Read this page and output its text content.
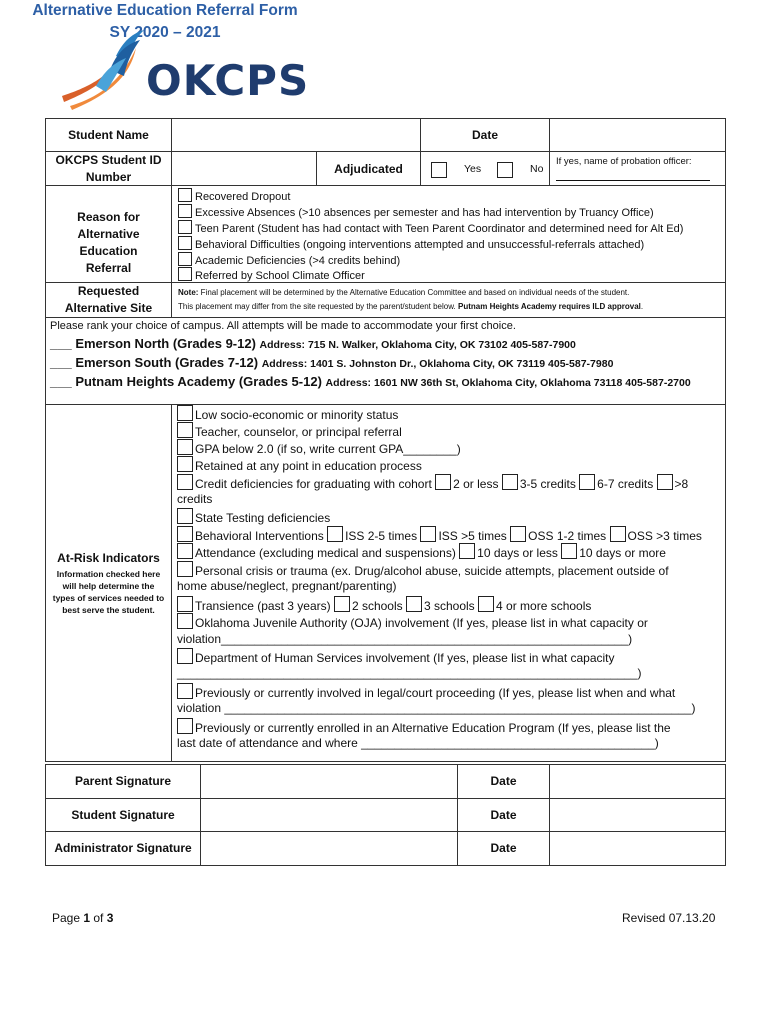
OKCPS
Alternative Education Referral Form
SY 2020 – 2021
Student Name	Date
OKCPS Student ID Number
Adjudicated	Yes	No
If yes, name of probation officer:
Reason for Alternative Education Referral
Recovered Dropout
Excessive Absences (>10 absences per semester and has had intervention by Truancy Office)
Teen Parent (Student has had contact with Teen Parent Coordinator and determined need for Alt Ed)
Behavioral Difficulties (ongoing interventions attempted and unsuccessful-referrals attached)
Academic Deficiencies (>4 credits behind)
Referred by School Climate Officer
Requested Alternative Site
Note: Final placement will be determined by the Alternative Education Committee and based on individual needs of the student.
This placement may differ from the site requested by the parent/student below. Putnam Heights Academy requires ILD approval.
Please rank your choice of campus. All attempts will be made to accommodate your first choice.
___ Emerson North (Grades 9-12) Address: 715 N. Walker, Oklahoma City, OK 73102 405-587-7900
___ Emerson South (Grades 7-12) Address: 1401 S. Johnston Dr., Oklahoma City, OK 73119 405-587-7980
___ Putnam Heights Academy (Grades 5-12) Address: 1601 NW 36th St, Oklahoma City, Oklahoma 73118 405-587-2700
At-Risk Indicators
Information checked here will help determine the types of services needed to best serve the student.
Low socio-economic or minority status
Teacher, counselor, or principal referral
GPA below 2.0 (if so, write current GPA________)
Retained at any point in education process
Credit deficiencies for graduating with cohort 2 or less 3-5 credits 6-7 credits >8
credits
State Testing deficiencies
Behavioral Interventions ISS 2-5 times ISS >5 times OSS 1-2 times OSS >3 times
Attendance (excluding medical and suspensions) 10 days or less 10 days or more
Personal crisis or trauma (ex. Drug/alcohol abuse, suicide attempts, placement outside of
home abuse/neglect, pregnant/parenting)
Transience (past 3 years) 2 schools 3 schools 4 or more schools
Oklahoma Juvenile Authority (OJA) involvement (If yes, please list in what capacity or
violation_____________________________________________________________)
Department of Human Services involvement (If yes, please list in what capacity
_____________________________________________________________________)
Previously or currently involved in legal/court proceeding (If yes, please list when and what
violation ______________________________________________________________________)
Previously or currently enrolled in an Alternative Education Program (If yes, please list the
last date of attendance and where ____________________________________________)
Parent Signature	Date
Student Signature	Date
Administrator Signature	Date
Page 1 of 3	Revised 07.13.20
